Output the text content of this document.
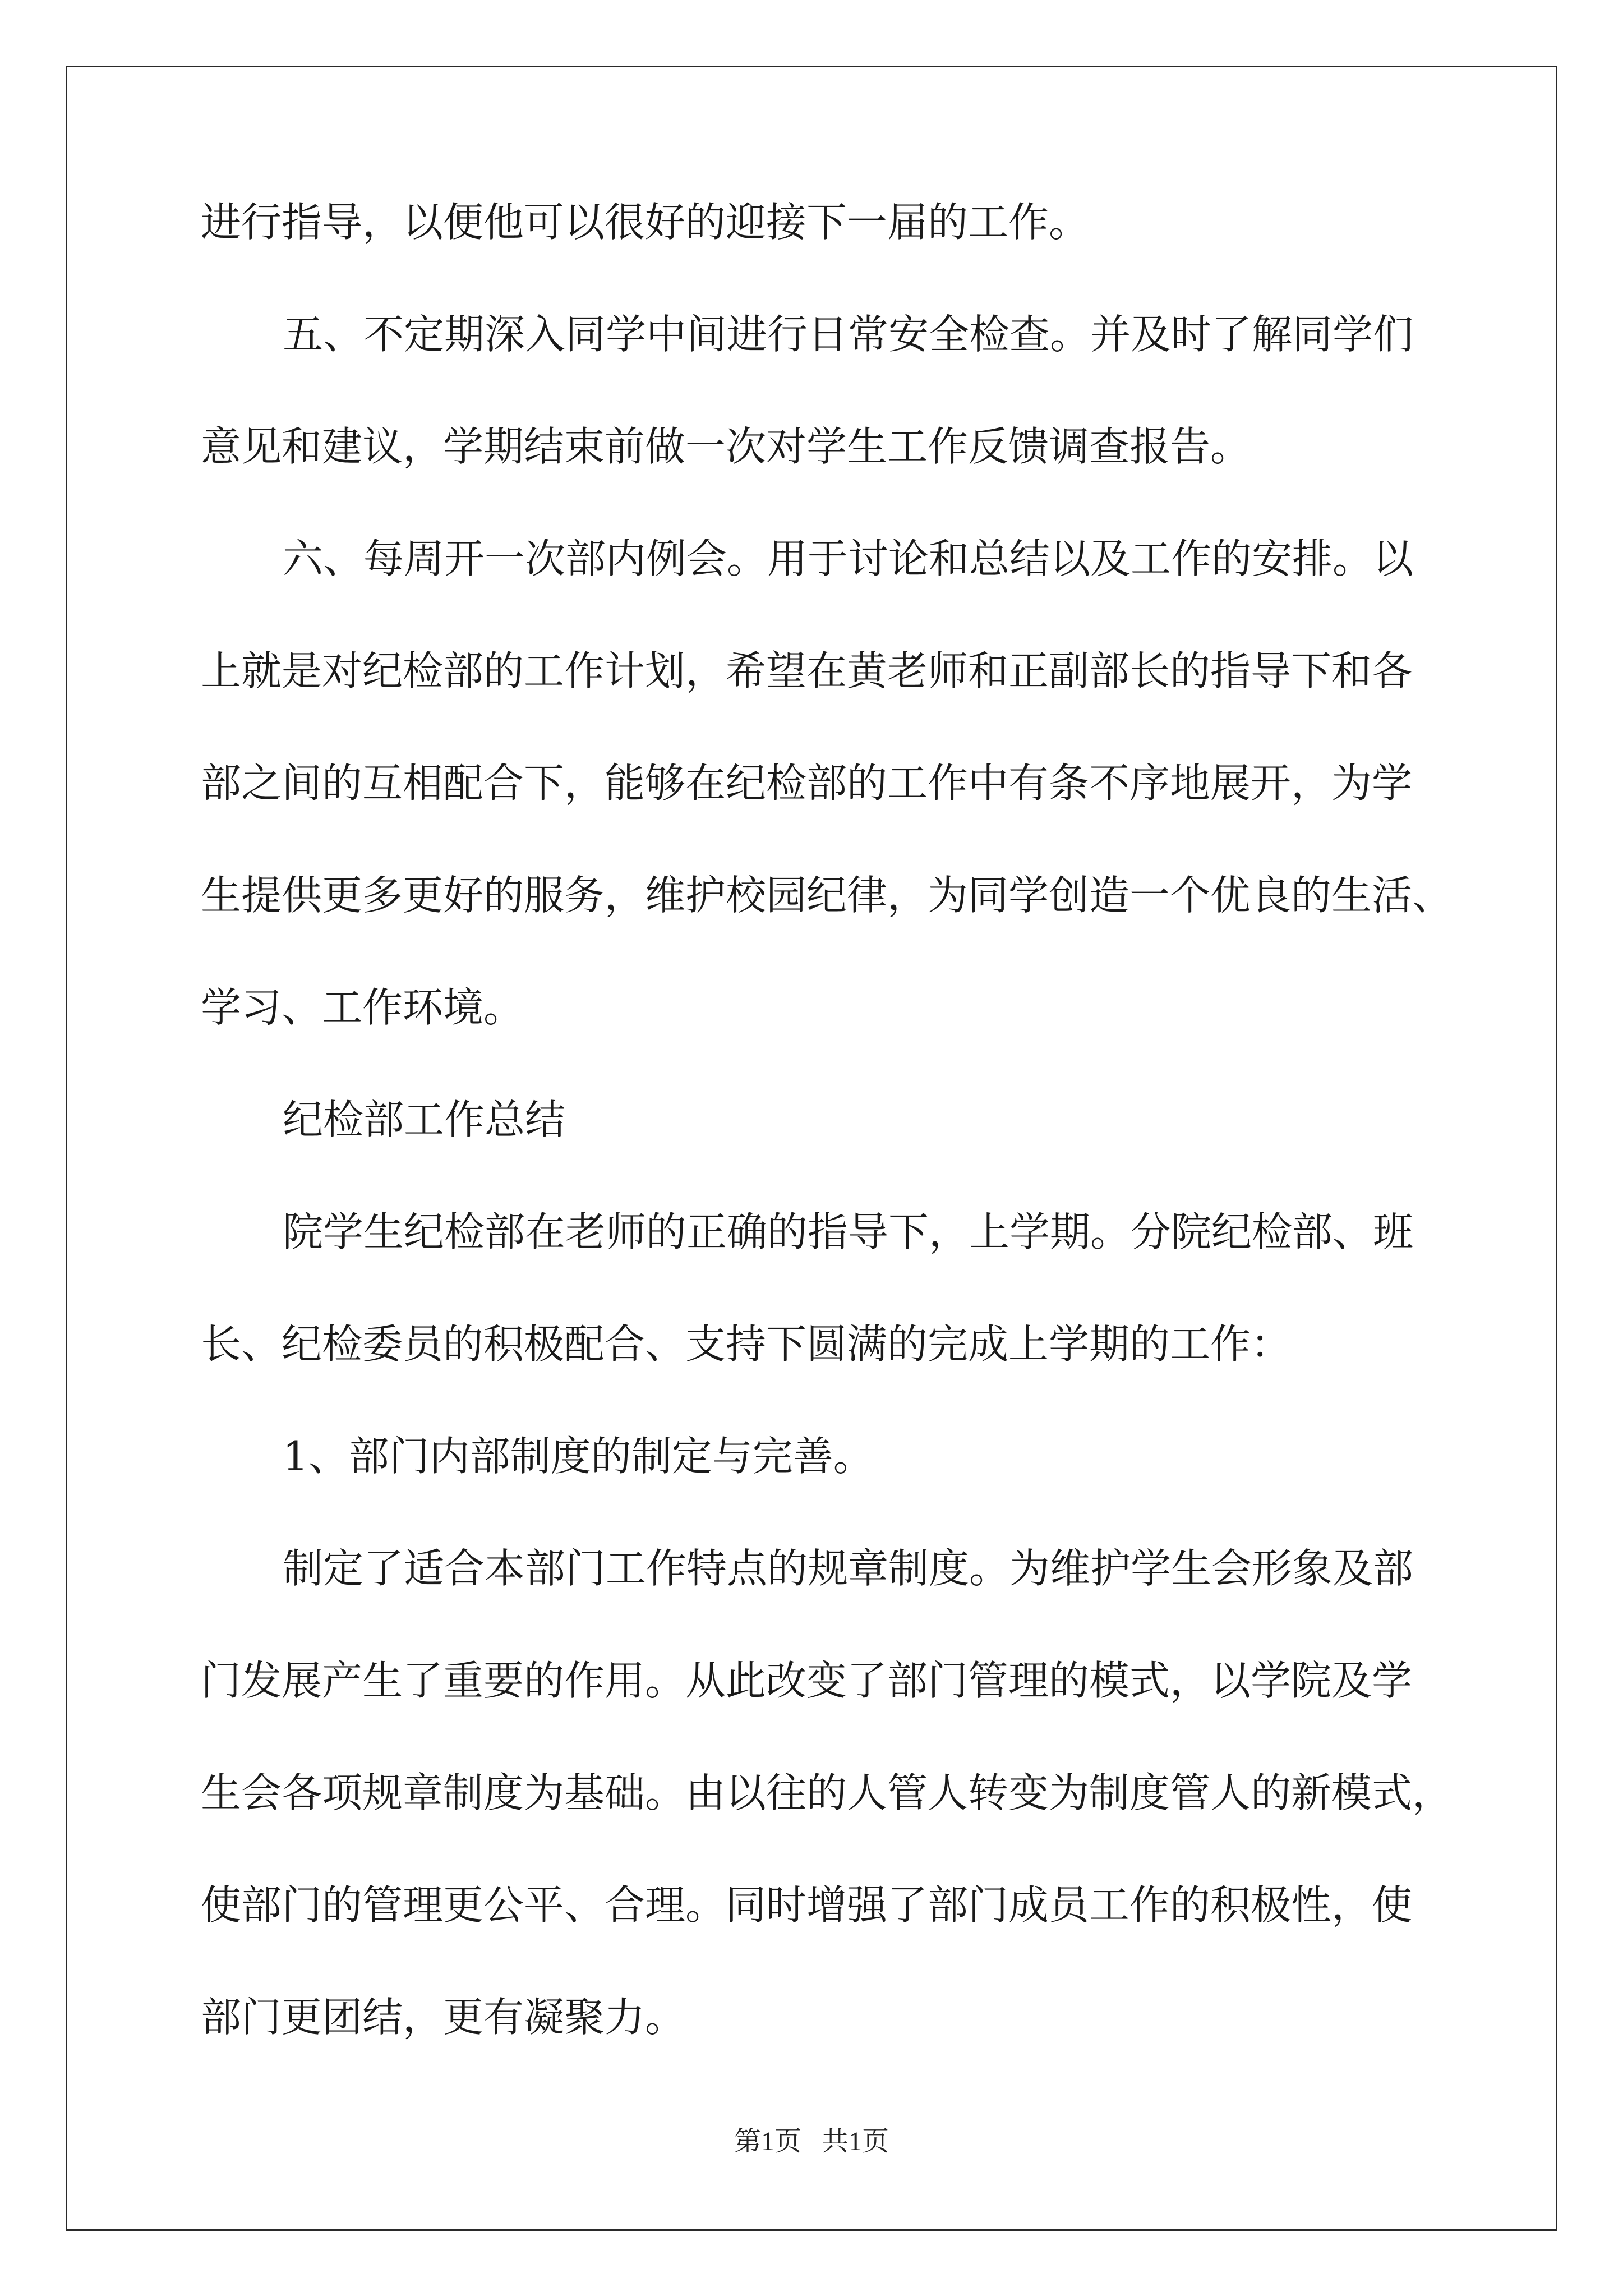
进行指导，以便他可以很好的迎接下一届的工作。

五、不定期深入同学中间进行日常安全检查。并及时了解同学们

意见和建议，学期结束前做一次对学生工作反馈调查报告。

六、每周开一次部内例会。用于讨论和总结以及工作的安排。以

上就是对纪检部的工作计划，希望在黄老师和正副部长的指导下和各

部之间的互相配合下，能够在纪检部的工作中有条不序地展开，为学

生提供更多更好的服务，维护校园纪律，为同学创造一个优良的生活、

学习、工作环境。

纪检部工作总结

院学生纪检部在老师的正确的指导下，上学期。分院纪检部、班

长、纪检委员的积极配合、支持下圆满的完成上学期的工作：

1、部门内部制度的制定与完善。

制定了适合本部门工作特点的规章制度。为维护学生会形象及部

门发展产生了重要的作用。从此改变了部门管理的模式，以学院及学

生会各项规章制度为基础。由以往的人管人转变为制度管人的新模式，

使部门的管理更公平、合理。同时增强了部门成员工作的积极性，使

部门更团结，更有凝聚力。

第1页   共1页
